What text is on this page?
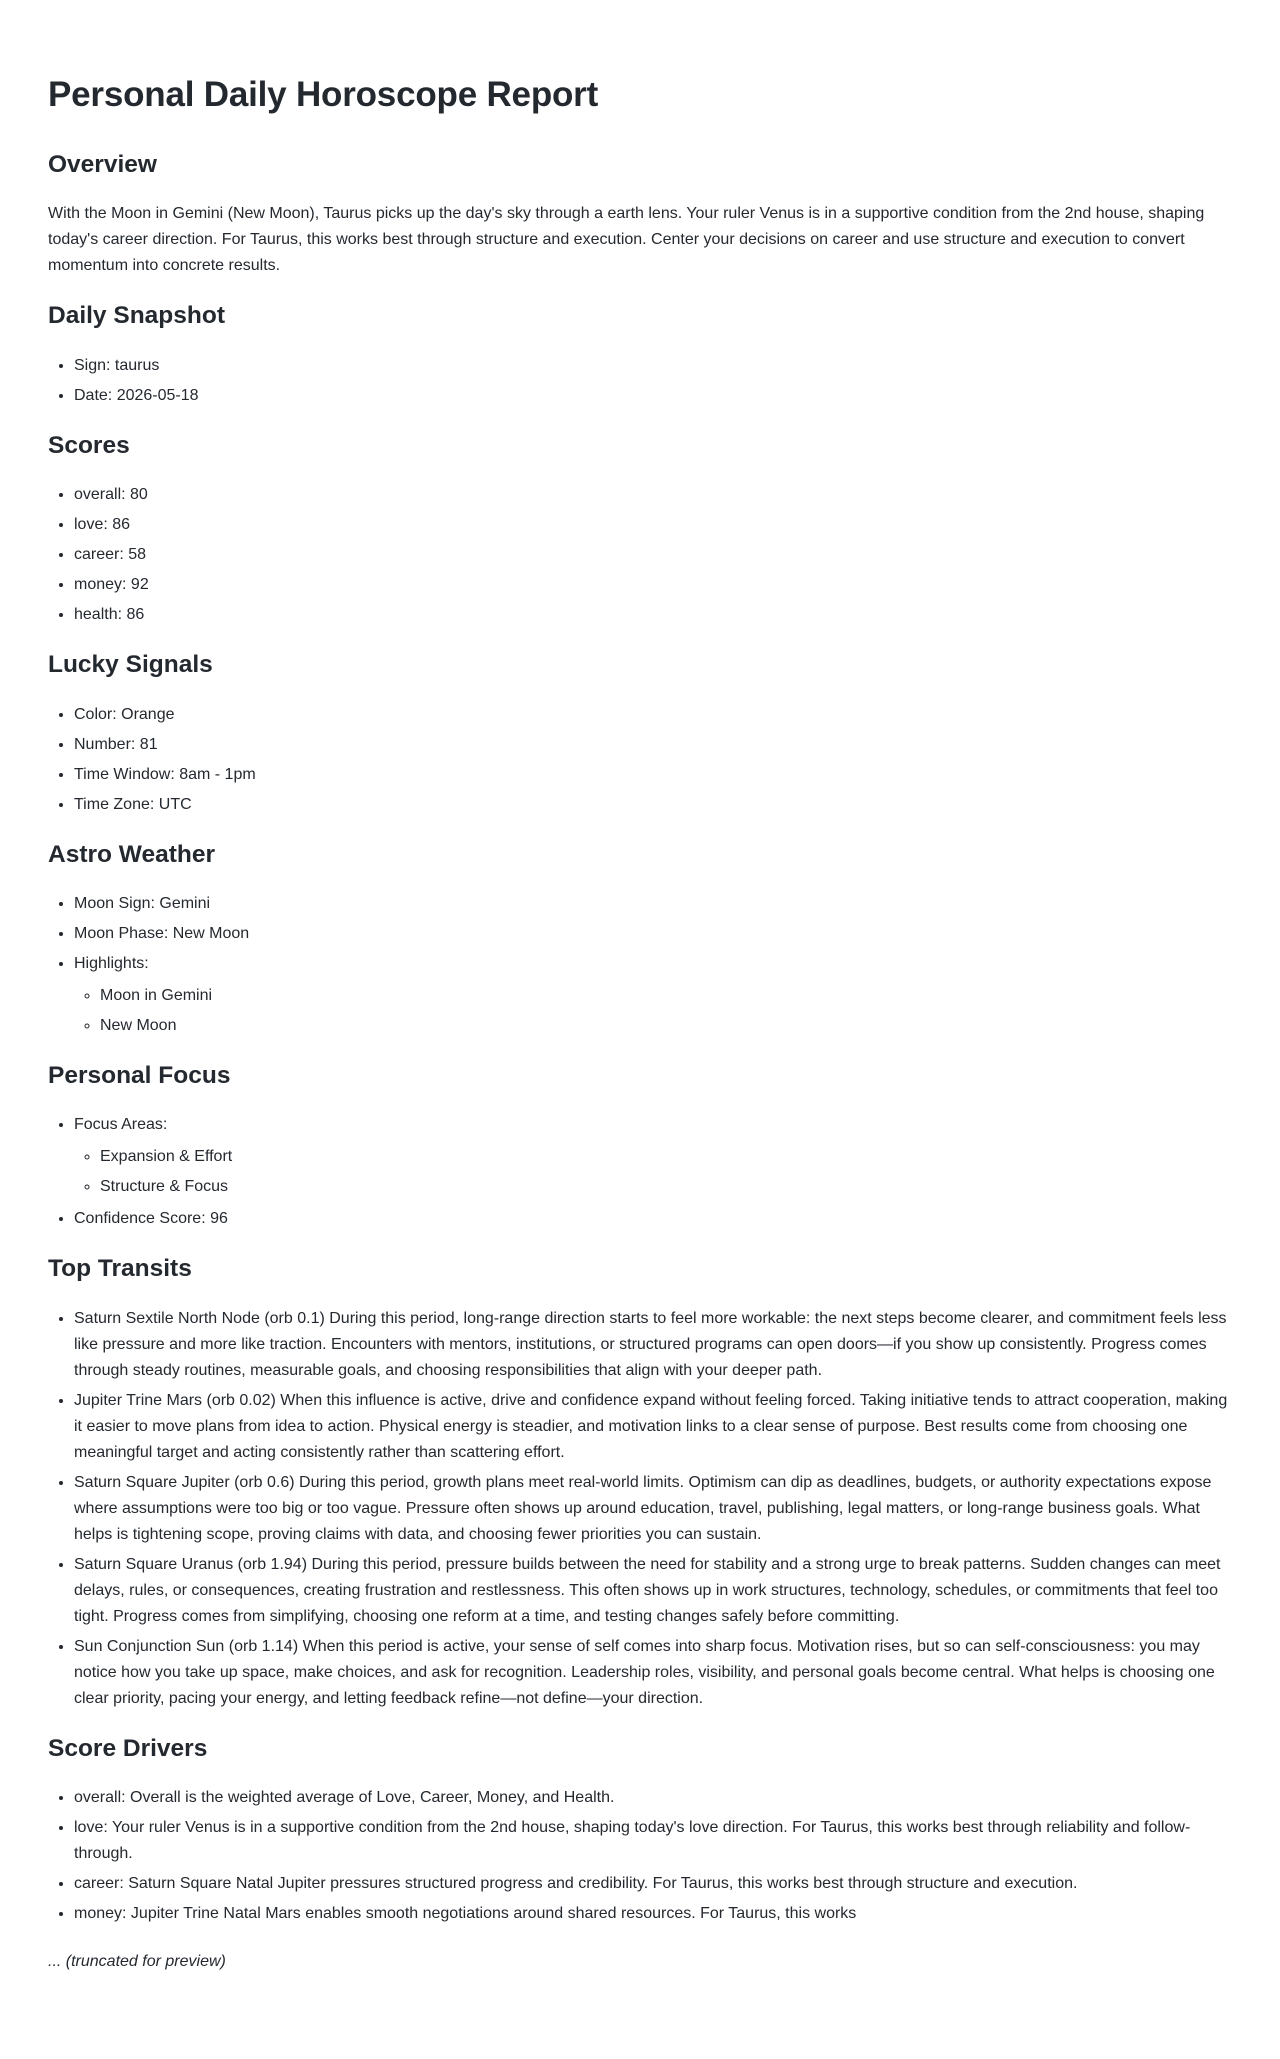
Personal Daily Horoscope Report
Overview

With the Moon in Gemini (New Moon), Taurus picks up the day's sky through a earth lens. Your ruler Venus is in a supportive condition from the 2nd house, shaping today's career direction. For Taurus, this works best through structure and execution. Center your decisions on career and use structure and execution to convert momentum into concrete results.

Daily Snapshot
• Sign: taurus
• Date: 2026-05-18
Scores
• overall: 80
• love: 86
• career: 58
• money: 92
• health: 86
Lucky Signals
• Color: Orange
• Number: 81
• Time Window: 8am - 1pm
• Time Zone: UTC
Astro Weather
• Moon Sign: Gemini
• Moon Phase: New Moon
• Highlights:
◦ Moon in Gemini
◦ New Moon
Personal Focus
• Focus Areas:
◦ Expansion & Effort
◦ Structure & Focus
• Confidence Score: 96
Top Transits
• Saturn Sextile North Node (orb 0.1) During this period, long-range direction starts to feel more workable: the next steps become clearer, and commitment feels less like pressure and more like traction. Encounters with mentors, institutions, or structured programs can open doors—if you show up consistently. Progress comes through steady routines, measurable goals, and choosing responsibilities that align with your deeper path.
• Jupiter Trine Mars (orb 0.02) When this influence is active, drive and confidence expand without feeling forced. Taking initiative tends to attract cooperation, making it easier to move plans from idea to action. Physical energy is steadier, and motivation links to a clear sense of purpose. Best results come from choosing one meaningful target and acting consistently rather than scattering effort.
• Saturn Square Jupiter (orb 0.6) During this period, growth plans meet real-world limits. Optimism can dip as deadlines, budgets, or authority expectations expose where assumptions were too big or too vague. Pressure often shows up around education, travel, publishing, legal matters, or long-range business goals. What helps is tightening scope, proving claims with data, and choosing fewer priorities you can sustain.
• Saturn Square Uranus (orb 1.94) During this period, pressure builds between the need for stability and a strong urge to break patterns. Sudden changes can meet delays, rules, or consequences, creating frustration and restlessness. This often shows up in work structures, technology, schedules, or commitments that feel too tight. Progress comes from simplifying, choosing one reform at a time, and testing changes safely before committing.
• Sun Conjunction Sun (orb 1.14) When this period is active, your sense of self comes into sharp focus. Motivation rises, but so can self-consciousness: you may notice how you take up space, make choices, and ask for recognition. Leadership roles, visibility, and personal goals become central. What helps is choosing one clear priority, pacing your energy, and letting feedback refine—not define—your direction.
Score Drivers
• overall: Overall is the weighted average of Love, Career, Money, and Health.
• love: Your ruler Venus is in a supportive condition from the 2nd house, shaping today's love direction. For Taurus, this works best through reliability and follow-through.
• career: Saturn Square Natal Jupiter pressures structured progress and credibility. For Taurus, this works best through structure and execution.
• money: Jupiter Trine Natal Mars enables smooth negotiations around shared resources. For Taurus, this works

... (truncated for preview)
